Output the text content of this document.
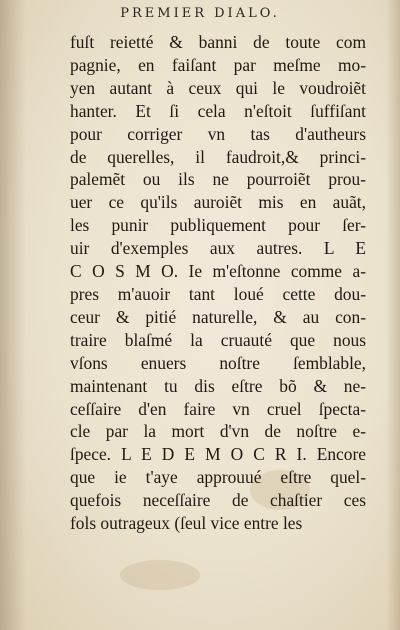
PREMIER DIALO.
fuſt reietté & banni de toute com
pagnie, en faiſant par meſme mo-
yen autant à ceux qui le voudroiẽt
hanter. Et ſi cela n'eſtoit ſuffiſant
pour corriger vn tas d'autheurs
de querelles, il faudroit,& princi-
palemẽt ou ils ne pourroiẽt prou-
uer ce qu'ils auroiẽt mis en auãt,
les punir publiquement pour ſer-
uir d'exemples aux autres. L E
C O S M O. Ie m'eſtonne comme a-
pres m'auoir tant loué cette dou-
ceur & pitié naturelle, & au con-
traire blaſmé la cruauté que nous
vſons enuers noſtre ſemblable,
maintenant tu dis eſtre bõ & ne-
ceſſaire d'en faire vn cruel ſpecta-
cle par la mort d'vn de noſtre e-
ſpece. L E D E M O C R I. Encore
que ie t'aye approuué eſtre quel-
quefois neceſſaire de chaſtier ces
fols outrageux (ſeul vice entre les
